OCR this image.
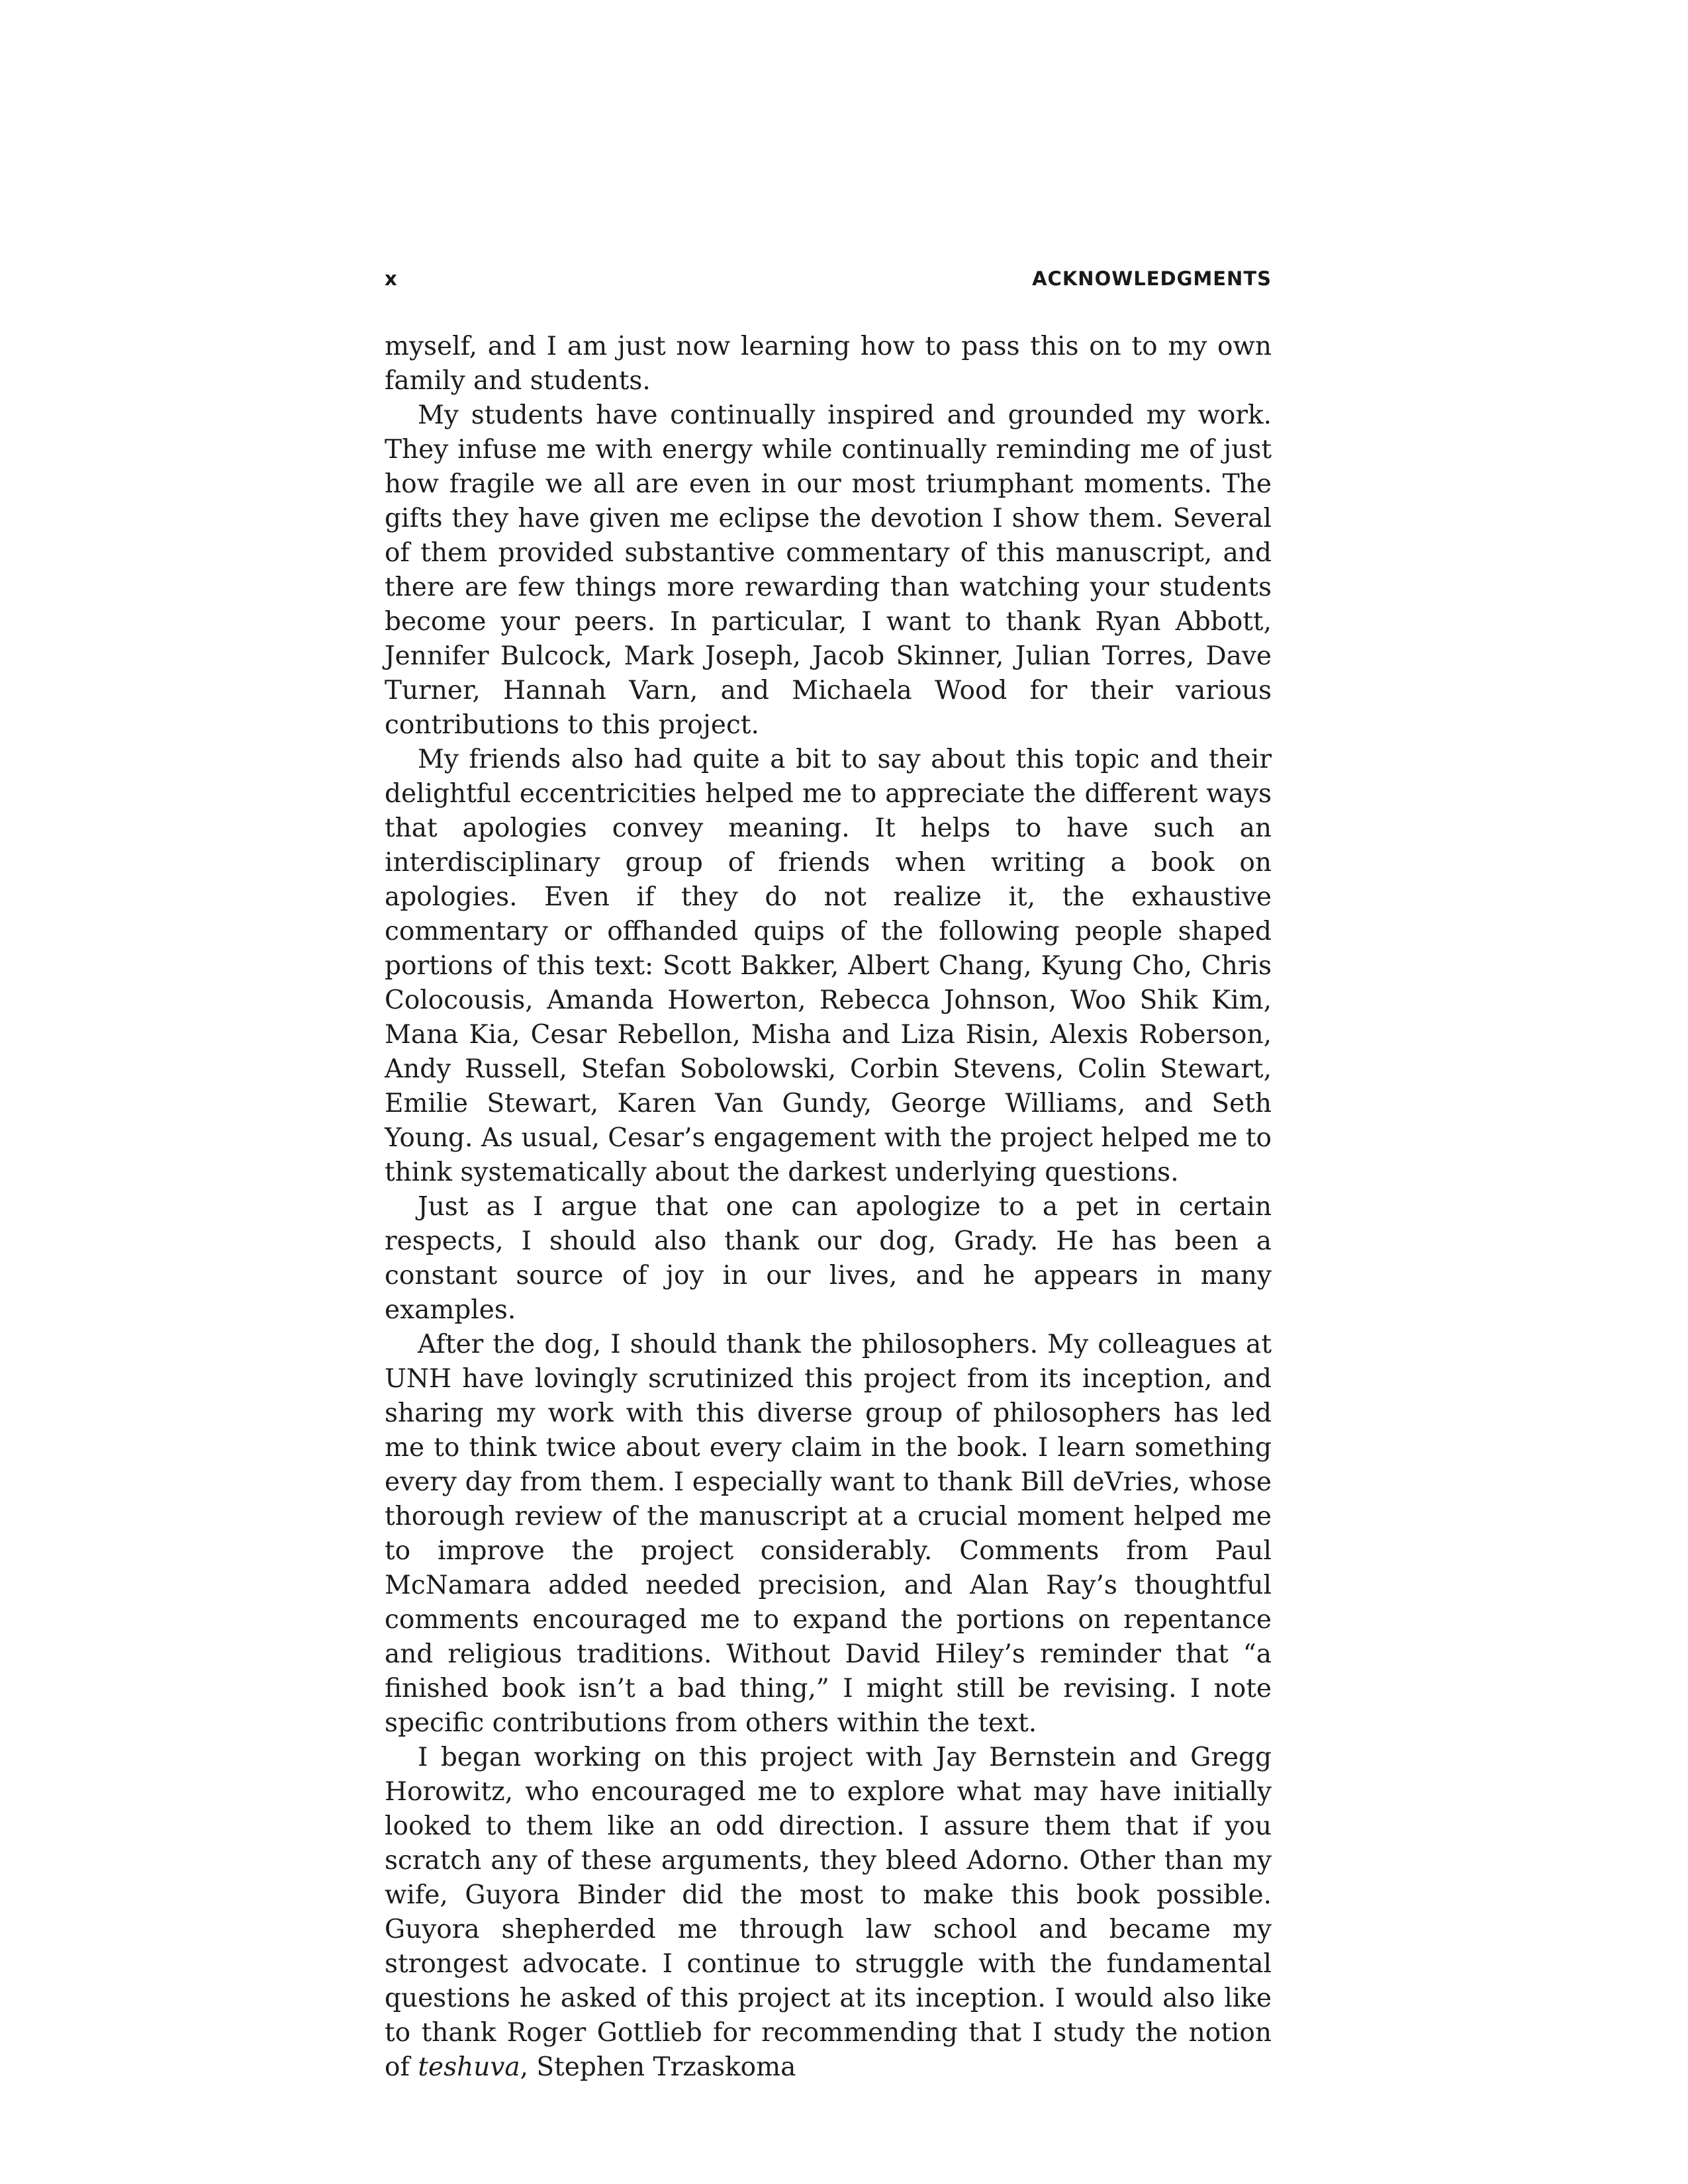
x	ACKNOWLEDGMENTS

myself, and I am just now learning how to pass this on to my own family and students.

My students have continually inspired and grounded my work. They infuse me with energy while continually reminding me of just how fragile we all are even in our most triumphant moments. The gifts they have given me eclipse the devotion I show them. Several of them provided substantive commentary of this manuscript, and there are few things more rewarding than watching your students become your peers. In particular, I want to thank Ryan Abbott, Jennifer Bulcock, Mark Joseph, Jacob Skinner, Julian Torres, Dave Turner, Hannah Varn, and Michaela Wood for their various contributions to this project.

My friends also had quite a bit to say about this topic and their delightful eccentricities helped me to appreciate the different ways that apologies convey meaning. It helps to have such an interdisciplinary group of friends when writing a book on apologies. Even if they do not realize it, the exhaustive commentary or offhanded quips of the following people shaped portions of this text: Scott Bakker, Albert Chang, Kyung Cho, Chris Colocousis, Amanda Howerton, Rebecca Johnson, Woo Shik Kim, Mana Kia, Cesar Rebellon, Misha and Liza Risin, Alexis Roberson, Andy Russell, Stefan Sobolowski, Corbin Stevens, Colin Stewart, Emilie Stewart, Karen Van Gundy, George Williams, and Seth Young. As usual, Cesar’s engagement with the project helped me to think systematically about the darkest underlying questions.

Just as I argue that one can apologize to a pet in certain respects, I should also thank our dog, Grady. He has been a constant source of joy in our lives, and he appears in many examples.

After the dog, I should thank the philosophers. My colleagues at UNH have lovingly scrutinized this project from its inception, and sharing my work with this diverse group of philosophers has led me to think twice about every claim in the book. I learn something every day from them. I especially want to thank Bill deVries, whose thorough review of the manuscript at a crucial moment helped me to improve the project considerably. Comments from Paul McNamara added needed precision, and Alan Ray’s thoughtful comments encouraged me to expand the portions on repentance and religious traditions. Without David Hiley’s reminder that “a finished book isn’t a bad thing,” I might still be revising. I note specific contributions from others within the text.

I began working on this project with Jay Bernstein and Gregg Horowitz, who encouraged me to explore what may have initially looked to them like an odd direction. I assure them that if you scratch any of these arguments, they bleed Adorno. Other than my wife, Guyora Binder did the most to make this book possible. Guyora shepherded me through law school and became my strongest advocate. I continue to struggle with the fundamental questions he asked of this project at its inception. I would also like to thank Roger Gottlieb for recommending that I study the notion of teshuva, Stephen Trzaskoma
